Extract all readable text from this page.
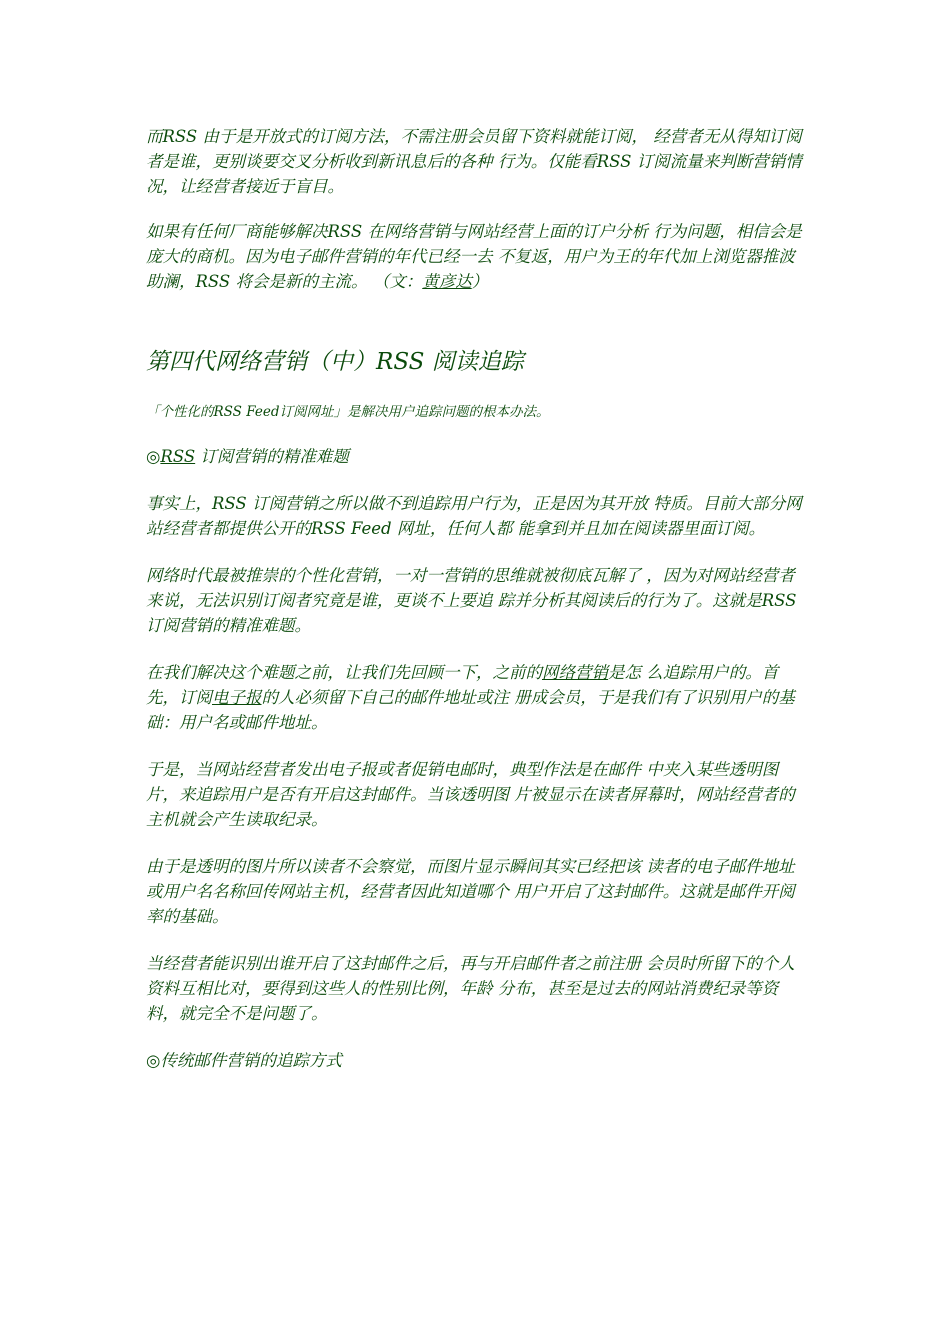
而RSS 由于是开放式的订阅方法，不需注册会员留下资料就能订阅， 经营者无从得知订阅者是谁，更别谈要交叉分析收到新讯息后的各种 行为。仅能看RSS 订阅流量来判断营销情况，让经营者接近于盲目。

如果有任何厂商能够解决RSS 在网络营销与网站经营上面的订户分析 行为问题，相信会是庞大的商机。因为电子邮件营销的年代已经一去 不复返，用户为王的年代加上浏览器推波助澜，RSS 将会是新的主流。 （文：黄彦达）

第四代网络营销（中）RSS 阅读追踪

「个性化的RSS Feed订阅网址」是解决用户追踪问题的根本办法。

◎RSS 订阅营销的精准难题

事实上，RSS 订阅营销之所以做不到追踪用户行为，正是因为其开放 特质。目前大部分网站经营者都提供公开的RSS Feed 网址，任何人都 能拿到并且加在阅读器里面订阅。

网络时代最被推崇的个性化营销，一对一营销的思维就被彻底瓦解了 ，因为对网站经营者来说，无法识别订阅者究竟是谁，更谈不上要追 踪并分析其阅读后的行为了。这就是RSS 订阅营销的精准难题。

在我们解决这个难题之前，让我们先回顾一下，之前的网络营销是怎 么追踪用户的。首先，订阅电子报的人必须留下自己的邮件地址或注 册成会员，于是我们有了识别用户的基础：用户名或邮件地址。

于是，当网站经营者发出电子报或者促销电邮时，典型作法是在邮件 中夹入某些透明图片，来追踪用户是否有开启这封邮件。当该透明图 片被显示在读者屏幕时，网站经营者的主机就会产生读取纪录。

由于是透明的图片所以读者不会察觉，而图片显示瞬间其实已经把该 读者的电子邮件地址或用户名名称回传网站主机，经营者因此知道哪个 用户开启了这封邮件。这就是邮件开阅率的基础。

当经营者能识别出谁开启了这封邮件之后，再与开启邮件者之前注册 会员时所留下的个人资料互相比对，要得到这些人的性别比例，年龄 分布，甚至是过去的网站消费纪录等资料，就完全不是问题了。

◎传统邮件营销的追踪方式
